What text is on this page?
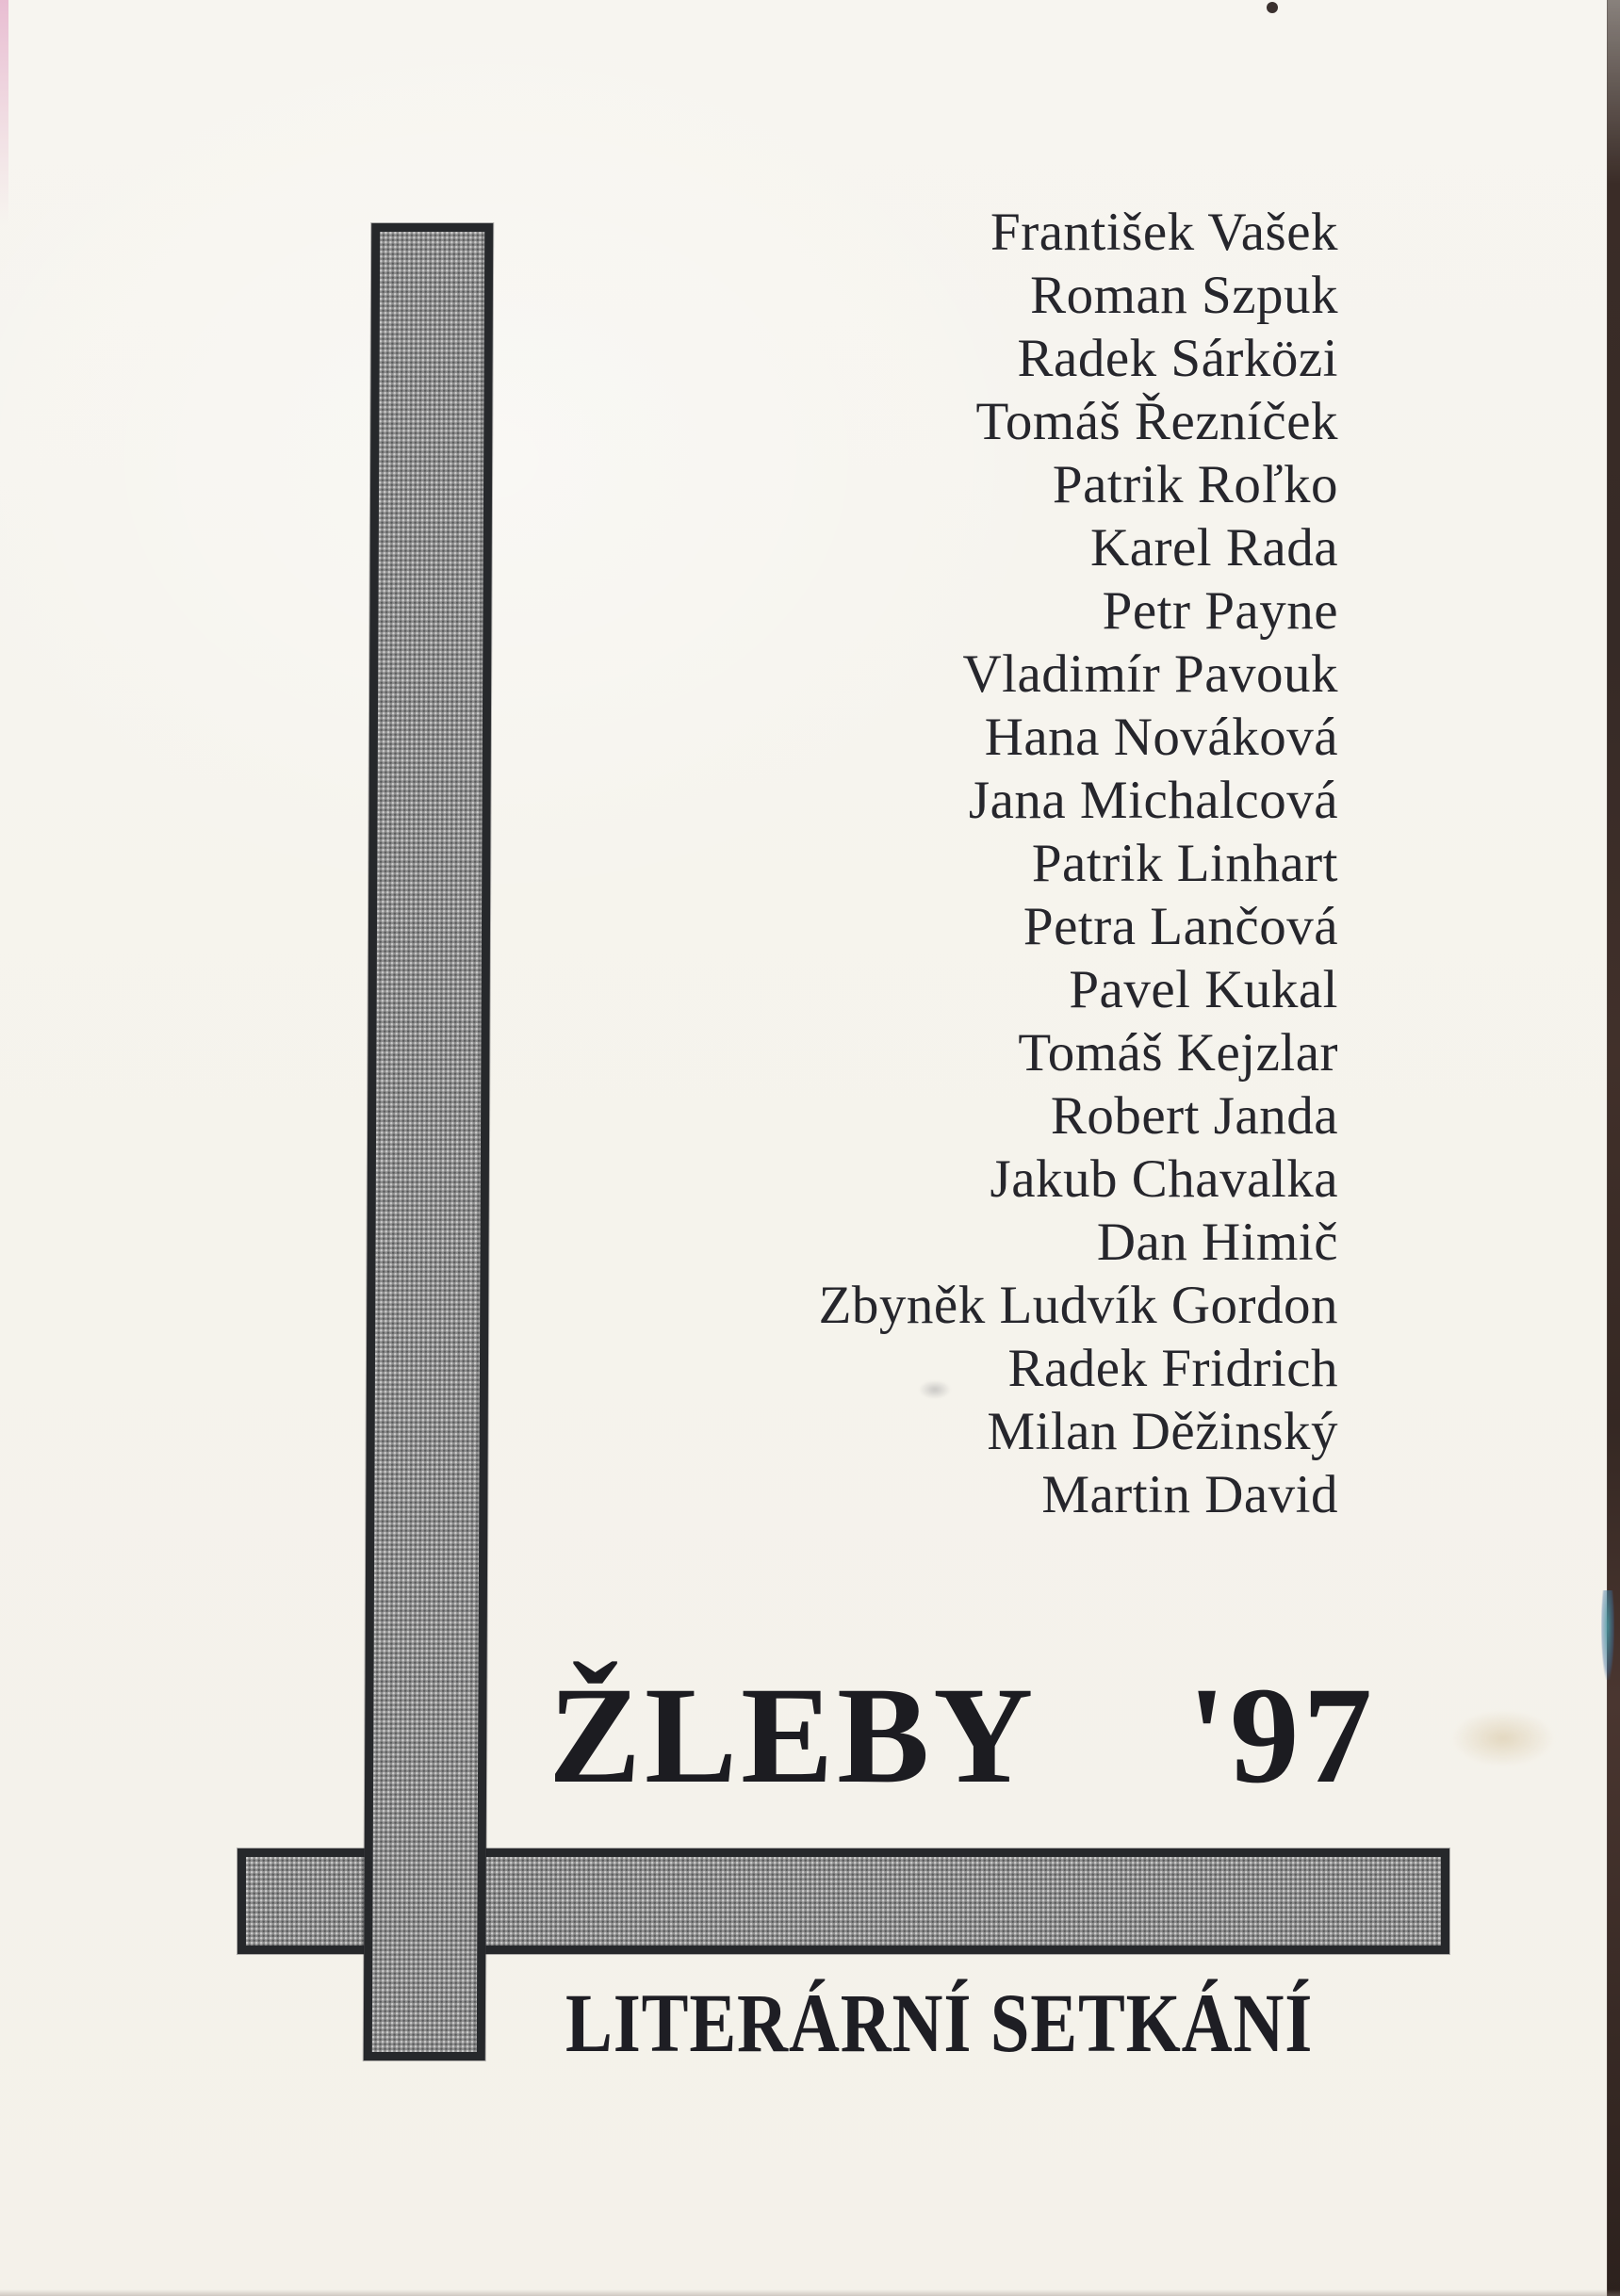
František Vašek
Roman Szpuk
Radek Sárközi
Tomáš Řezníček
Patrik Roľko
Karel Rada
Petr Payne
Vladimír Pavouk
Hana Nováková
Jana Michalcová
Patrik Linhart
Petra Lančová
Pavel Kukal
Tomáš Kejzlar
Robert Janda
Jakub Chavalka
Dan Himič
Zbyněk Ludvík Gordon
Radek Fridrich
Milan Děžinský
Martin David
ŽLEBY '97
LITERÁRNÍ SETKÁNÍ
